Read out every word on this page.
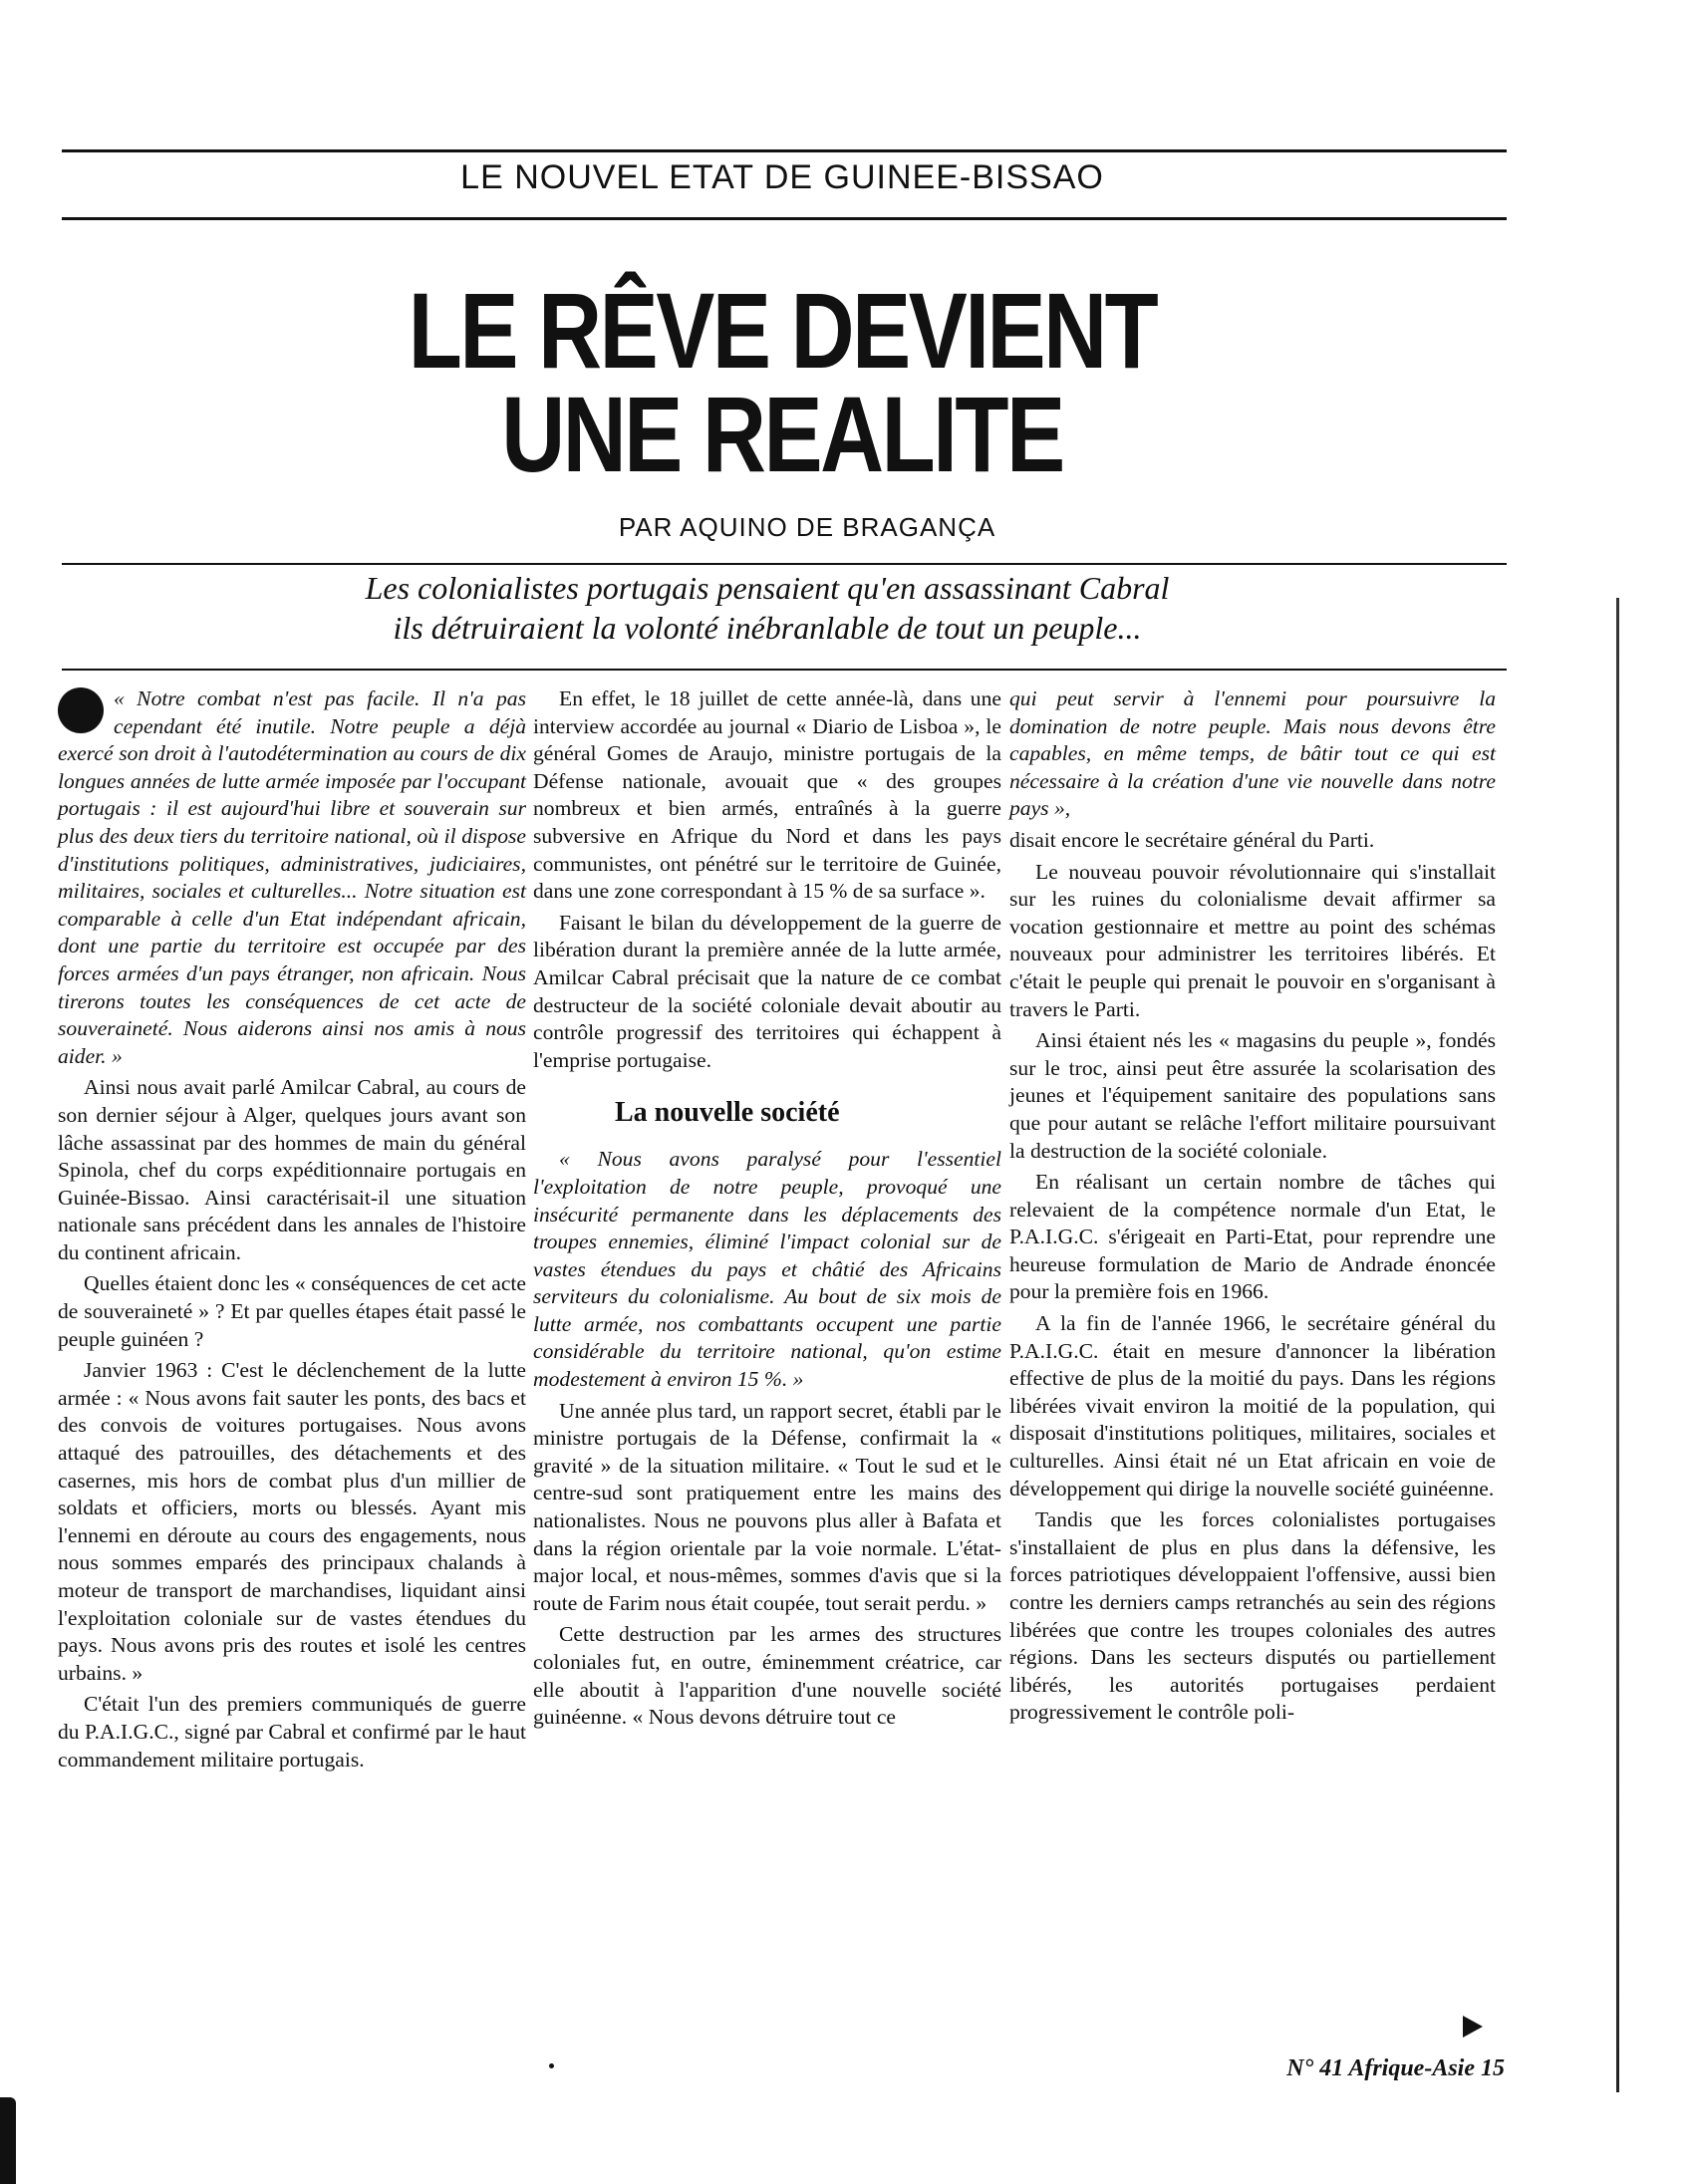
LE NOUVEL ETAT DE GUINEE-BISSAO
LE RÊVE DEVIENT
UNE REALITE
PAR AQUINO DE BRAGANÇA
Les colonialistes portugais pensaient qu'en assassinant Cabral
ils détruiraient la volonté inébranlable de tout un peuple...

« Notre combat n'est pas facile. Il n'a pas cependant été inutile. Notre peuple a déjà exercé son droit à l'autodétermination au cours de dix longues années de lutte armée imposée par l'occupant portugais : il est aujourd'hui libre et souverain sur plus des deux tiers du territoire national, où il dispose d'institutions politiques, administratives, judiciaires, militaires, sociales et culturelles... Notre situation est comparable à celle d'un Etat indépendant africain, dont une partie du territoire est occupée par des forces armées d'un pays étranger, non africain. Nous tirerons toutes les conséquences de cet acte de souveraineté. Nous aiderons ainsi nos amis à nous aider. »

Ainsi nous avait parlé Amilcar Cabral, au cours de son dernier séjour à Alger, quelques jours avant son lâche assassinat par des hommes de main du général Spinola, chef du corps expéditionnaire portugais en Guinée-Bissao. Ainsi caractérisait-il une situation nationale sans précédent dans les annales de l'histoire du continent africain.

Quelles étaient donc les « conséquences de cet acte de souveraineté » ? Et par quelles étapes était passé le peuple guinéen ?

Janvier 1963 : C'est le déclenchement de la lutte armée : « Nous avons fait sauter les ponts, des bacs et des convois de voitures portugaises. Nous avons attaqué des patrouilles, des détachements et des casernes, mis hors de combat plus d'un millier de soldats et officiers, morts ou blessés. Ayant mis l'ennemi en déroute au cours des engagements, nous nous sommes emparés des principaux chalands à moteur de transport de marchandises, liquidant ainsi l'exploitation coloniale sur de vastes étendues du pays. Nous avons pris des routes et isolé les centres urbains. »

C'était l'un des premiers communiqués de guerre du P.A.I.G.C., signé par Cabral et confirmé par le haut commandement militaire portugais.

En effet, le 18 juillet de cette année-là, dans une interview accordée au journal « Diario de Lisboa », le général Gomes de Araujo, ministre portugais de la Défense nationale, avouait que « des groupes nombreux et bien armés, entraînés à la guerre subversive en Afrique du Nord et dans les pays communistes, ont pénétré sur le territoire de Guinée, dans une zone correspondant à 15 % de sa surface ».

Faisant le bilan du développement de la guerre de libération durant la première année de la lutte armée, Amilcar Cabral précisait que la nature de ce combat destructeur de la société coloniale devait aboutir au contrôle progressif des territoires qui échappent à l'emprise portugaise.

La nouvelle société

« Nous avons paralysé pour l'essentiel l'exploitation de notre peuple, provoqué une insécurité permanente dans les déplacements des troupes ennemies, éliminé l'impact colonial sur de vastes étendues du pays et châtié des Africains serviteurs du colonialisme. Au bout de six mois de lutte armée, nos combattants occupent une partie considérable du territoire national, qu'on estime modestement à environ 15 %. »

Une année plus tard, un rapport secret, établi par le ministre portugais de la Défense, confirmait la « gravité » de la situation militaire. « Tout le sud et le centre-sud sont pratiquement entre les mains des nationalistes. Nous ne pouvons plus aller à Bafata et dans la région orientale par la voie normale. L'état-major local, et nous-mêmes, sommes d'avis que si la route de Farim nous était coupée, tout serait perdu. »

Cette destruction par les armes des structures coloniales fut, en outre, éminemment créatrice, car elle aboutit à l'apparition d'une nouvelle société guinéenne. « Nous devons détruire tout ce

qui peut servir à l'ennemi pour poursuivre la domination de notre peuple. Mais nous devons être capables, en même temps, de bâtir tout ce qui est nécessaire à la création d'une vie nouvelle dans notre pays »,

disait encore le secrétaire général du Parti.

Le nouveau pouvoir révolutionnaire qui s'installait sur les ruines du colonialisme devait affirmer sa vocation gestionnaire et mettre au point des schémas nouveaux pour administrer les territoires libérés. Et c'était le peuple qui prenait le pouvoir en s'organisant à travers le Parti.

Ainsi étaient nés les « magasins du peuple », fondés sur le troc, ainsi peut être assurée la scolarisation des jeunes et l'équipement sanitaire des populations sans que pour autant se relâche l'effort militaire poursuivant la destruction de la société coloniale.

En réalisant un certain nombre de tâches qui relevaient de la compétence normale d'un Etat, le P.A.I.G.C. s'érigeait en Parti-Etat, pour reprendre une heureuse formulation de Mario de Andrade énoncée pour la première fois en 1966.

A la fin de l'année 1966, le secrétaire général du P.A.I.G.C. était en mesure d'annoncer la libération effective de plus de la moitié du pays. Dans les régions libérées vivait environ la moitié de la population, qui disposait d'institutions politiques, militaires, sociales et culturelles. Ainsi était né un Etat africain en voie de développement qui dirige la nouvelle société guinéenne.

Tandis que les forces colonialistes portugaises s'installaient de plus en plus dans la défensive, les forces patriotiques développaient l'offensive, aussi bien contre les derniers camps retranchés au sein des régions libérées que contre les troupes coloniales des autres régions. Dans les secteurs disputés ou partiellement libérés, les autorités portugaises perdaient progressivement le contrôle poli-

N° 41 Afrique-Asie 15
